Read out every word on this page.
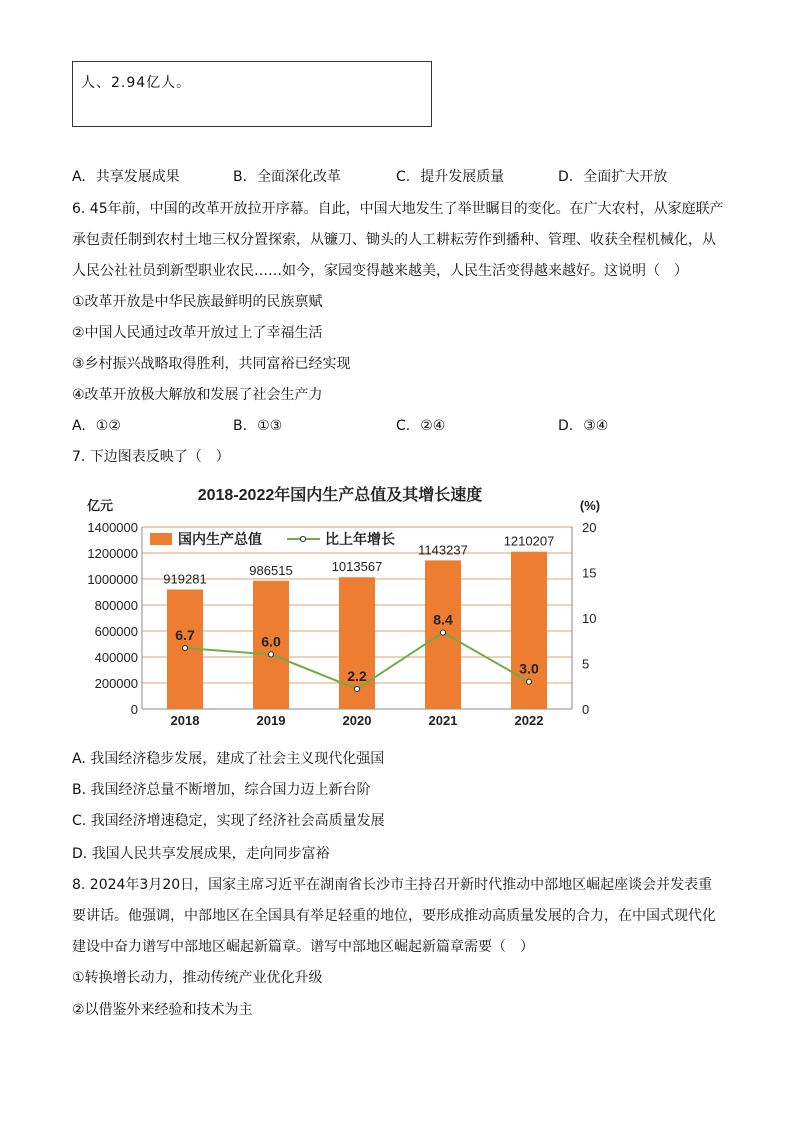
人、2.94亿人。
A. 共享发展成果	B. 全面深化改革	C. 提升发展质量	D. 全面扩大开放
6. 45年前，中国的改革开放拉开序幕。自此，中国大地发生了举世瞩目的变化。在广大农村，从家庭联产
承包责任制到农村土地三权分置探索，从镰刀、锄头的人工耕耘劳作到播种、管理、收获全程机械化，从
人民公社社员到新型职业农民……如今，家园变得越来越美，人民生活变得越来越好。这说明（　）
①改革开放是中华民族最鲜明的民族禀赋
②中国人民通过改革开放过上了幸福生活
③乡村振兴战略取得胜利，共同富裕已经实现
④改革开放极大解放和发展了社会生产力
A. ①②	B. ①③	C. ②④	D. ③④
7. 下边图表反映了（　）
2018-2022年国内生产总值及其增长速度
亿元	(%)
919281
986515	1013567
1143237
1210207
6.7	6.0
2.2
8.4
3.0
0
200000
400000
600000
800000
1000000
1200000
1400000
0
5
10
15
20
2018	2019	2020	2021	2022
国内生产总值	比上年增长
A. 我国经济稳步发展，建成了社会主义现代化强国
B. 我国经济总量不断增加，综合国力迈上新台阶
C. 我国经济增速稳定，实现了经济社会高质量发展
D. 我国人民共享发展成果，走向同步富裕
8. 2024年3月20日，国家主席习近平在湖南省长沙市主持召开新时代推动中部地区崛起座谈会并发表重
要讲话。他强调，中部地区在全国具有举足轻重的地位，要形成推动高质量发展的合力，在中国式现代化
建设中奋力谱写中部地区崛起新篇章。谱写中部地区崛起新篇章需要（　）
①转换增长动力，推动传统产业优化升级
②以借鉴外来经验和技术为主
